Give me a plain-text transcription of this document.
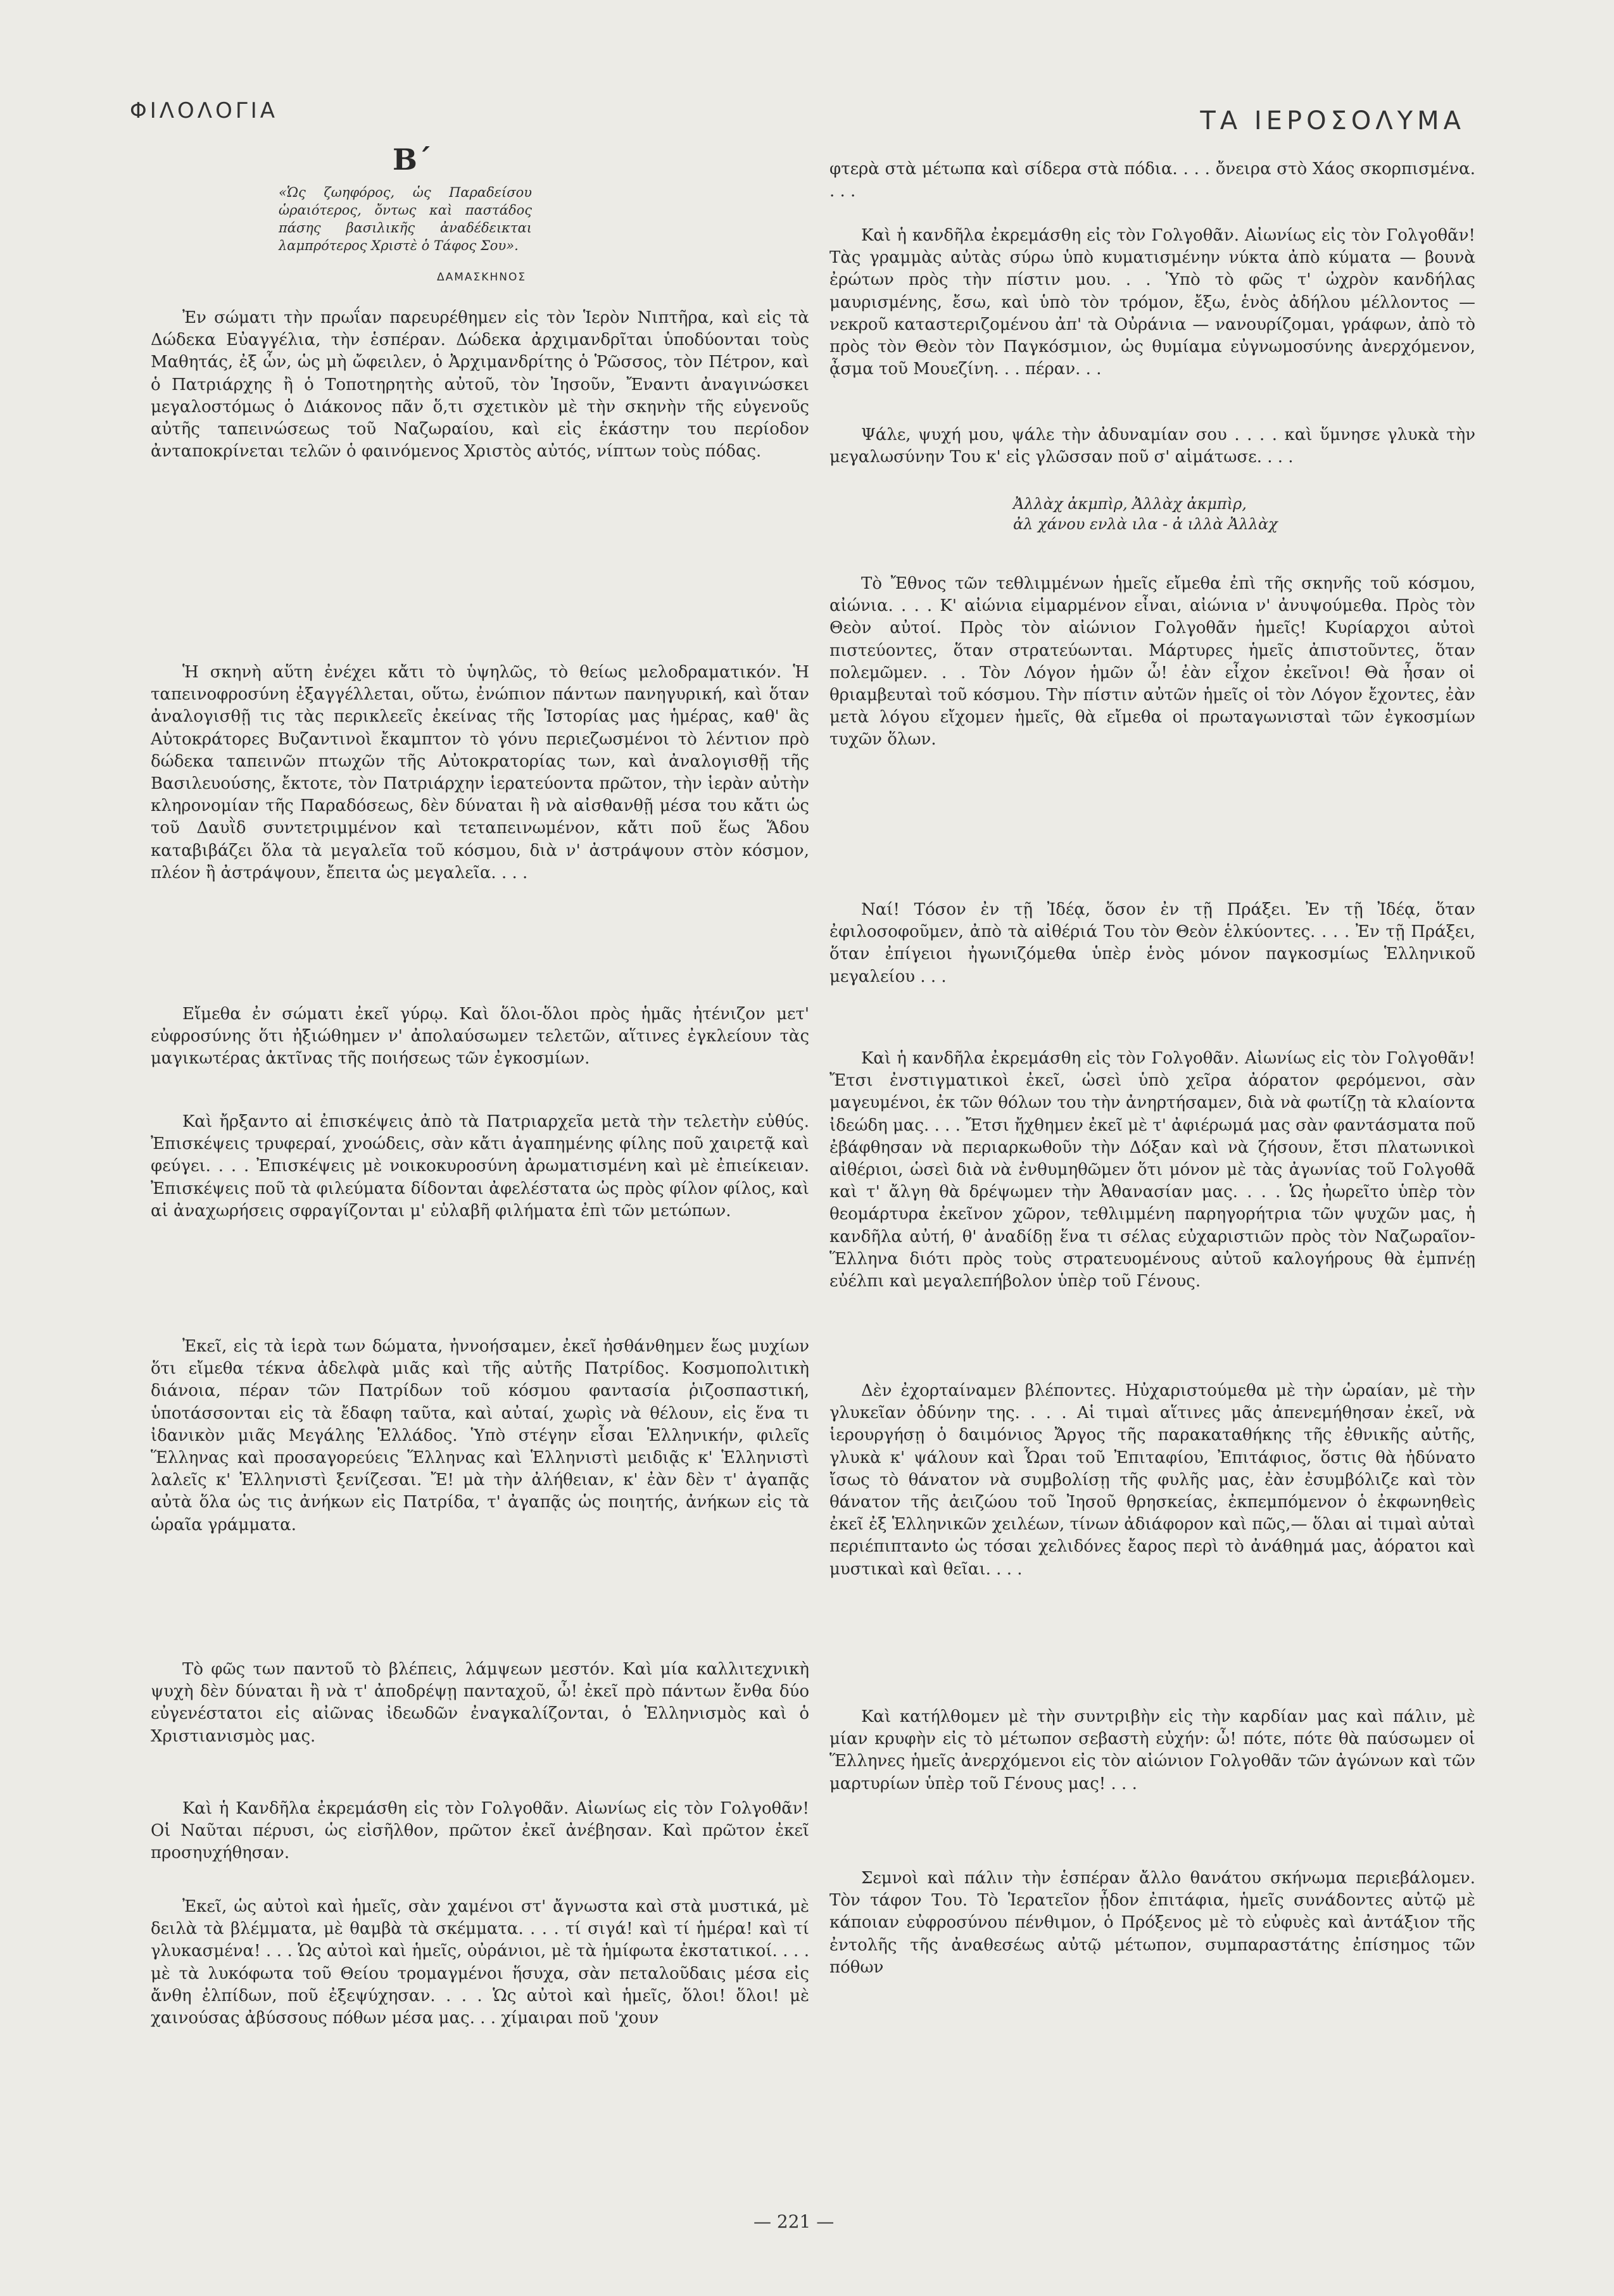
ΦΙΛΟΛΟΓΙΑ	ΤΑ ΙΕΡΟΣΟΛΥΜΑ
Β΄
«Ὡς ζωηφόρος, ὡς Παραδείσου ὡραιότερος, ὄντως καὶ παστάδος πάσης βασιλικῆς ἀναδέδεικται λαμπρότερος Χριστὲ ὁ Τάφος Σου».
ΔΑΜΑΣΚΗΝΟΣ

Ἐν σώματι τὴν πρωΐαν παρευρέθημεν εἰς τὸν Ἱερὸν Νιπτῆρα, καὶ εἰς τὰ Δώδεκα Εὐαγγέλια, τὴν ἑσπέραν. Δώδεκα ἀρχιμανδρῖται ὑποδύονται τοὺς Μαθητάς, ἐξ ὧν, ὡς μὴ ὤφειλεν, ὁ Ἀρχιμανδρίτης ὁ Ῥῶσσος, τὸν Πέτρον, καὶ ὁ Πατριάρχης ἢ ὁ Τοποτηρητὴς αὐτοῦ, τὸν Ἰησοῦν, Ἔναντι ἀναγινώσκει μεγαλοστόμως ὁ Διάκονος πᾶν ὅ,τι σχετικὸν μὲ τὴν σκηνὴν τῆς εὐγενοῦς αὐτῆς ταπεινώσεως τοῦ Ναζωραίου, καὶ εἰς ἑκάστην του περίοδον ἀνταποκρίνεται τελῶν ὁ φαινόμενος Χριστὸς αὐτός, νίπτων τοὺς πόδας.

Ἡ σκηνὴ αὕτη ἐνέχει κἄτι τὸ ὑψηλῶς, τὸ θείως μελοδραματικόν. Ἡ ταπεινοφροσύνη ἐξαγγέλλεται, οὕτω, ἐνώπιον πάντων πανηγυρική, καὶ ὅταν ἀναλογισθῇ τις τὰς περικλεεῖς ἐκείνας τῆς Ἱστορίας μας ἡμέρας, καθ' ἃς Αὐτοκράτορες Βυζαντινοὶ ἔκαμπτον τὸ γόνυ περιεζωσμένοι τὸ λέντιον πρὸ δώδεκα ταπεινῶν πτωχῶν τῆς Αὐτοκρατορίας των, καὶ ἀναλογισθῇ τῆς Βασιλευούσης, ἔκτοτε, τὸν Πατριάρχην ἱερατεύοντα πρῶτον, τὴν ἱερὰν αὐτὴν κληρονομίαν τῆς Παραδόσεως, δὲν δύναται ἢ νὰ αἰσθανθῇ μέσα του κἄτι ὡς τοῦ Δαυῒδ συντετριμμένον καὶ τεταπεινωμένον, κἄτι ποῦ ἕως Ἅδου καταβιβάζει ὅλα τὰ μεγαλεῖα τοῦ κόσμου, διὰ ν' ἀστράψουν στὸν κόσμον, πλέον ἢ ἀστράψουν, ἔπειτα ὡς μεγαλεῖα. . . .

Εἴμεθα ἐν σώματι ἐκεῖ γύρῳ. Καὶ ὅλοι-ὅλοι πρὸς ἡμᾶς ἠτένιζον μετ' εὐφροσύνης ὅτι ἠξιώθημεν ν' ἀπολαύσωμεν τελετῶν, αἵτινες ἐγκλείουν τὰς μαγικωτέρας ἀκτῖνας τῆς ποιήσεως τῶν ἐγκοσμίων.

Καὶ ἤρξαντο αἱ ἐπισκέψεις ἀπὸ τὰ Πατριαρχεῖα μετὰ τὴν τελετὴν εὐθύς. Ἐπισκέψεις τρυφεραί, χνοώδεις, σὰν κἄτι ἀγαπημένης φίλης ποῦ χαιρετᾷ καὶ φεύγει. . . . Ἐπισκέψεις μὲ νοικοκυροσύνη ἀρωματισμένη καὶ μὲ ἐπιείκειαν. Ἐπισκέψεις ποῦ τὰ φιλεύματα δίδονται ἀφελέστατα ὡς πρὸς φίλον φίλος, καὶ αἱ ἀναχωρήσεις σφραγίζονται μ' εὐλαβῆ φιλήματα ἐπὶ τῶν μετώπων.

Ἐκεῖ, εἰς τὰ ἱερὰ των δώματα, ἠννοήσαμεν, ἐκεῖ ἠσθάνθημεν ἕως μυχίων ὅτι εἴμεθα τέκνα ἀδελφὰ μιᾶς καὶ τῆς αὐτῆς Πατρίδος. Κοσμοπολιτικὴ διάνοια, πέραν τῶν Πατρίδων τοῦ κόσμου φαντασία ῥιζοσπαστική, ὑποτάσσονται εἰς τὰ ἔδαφη ταῦτα, καὶ αὐταί, χωρὶς νὰ θέλουν, εἰς ἕνα τι ἰδανικὸν μιᾶς Μεγάλης Ἑλλάδος. Ὑπὸ στέγην εἶσαι Ἑλληνικήν, φιλεῖς Ἕλληνας καὶ προσαγορεύεις Ἕλληνας καὶ Ἑλληνιστὶ μειδιᾷς κ' Ἑλληνιστὶ λαλεῖς κ' Ἑλληνιστὶ ξενίζεσαι. Ἔ! μὰ τὴν ἀλήθειαν, κ' ἐὰν δὲν τ' ἀγαπᾷς αὐτὰ ὅλα ὡς τις ἀνήκων εἰς Πατρίδα, τ' ἀγαπᾷς ὡς ποιητής, ἀνήκων εἰς τὰ ὡραῖα γράμματα.

Τὸ φῶς των παντοῦ τὸ βλέπεις, λάμψεων μεστόν. Καὶ μία καλλιτεχνικὴ ψυχὴ δὲν δύναται ἢ νὰ τ' ἀποδρέψῃ πανταχοῦ, ὦ! ἐκεῖ πρὸ πάντων ἔνθα δύο εὐγενέστατοι εἰς αἰῶνας ἰδεωδῶν ἐναγκαλίζονται, ὁ Ἑλληνισμὸς καὶ ὁ Χριστιανισμὸς μας.

Καὶ ἡ Κανδῆλα ἐκρεμάσθη εἰς τὸν Γολγοθᾶν. Αἰωνίως εἰς τὸν Γολγοθᾶν! Οἱ Ναῦται πέρυσι, ὡς εἰσῆλθον, πρῶτον ἐκεῖ ἀνέβησαν. Καὶ πρῶτον ἐκεῖ προσηυχήθησαν.

Ἐκεῖ, ὡς αὐτοὶ καὶ ἡμεῖς, σὰν χαμένοι στ' ἄγνωστα καὶ στὰ μυστικά, μὲ δειλὰ τὰ βλέμματα, μὲ θαμβὰ τὰ σκέμματα. . . . τί σιγά! καὶ τί ἡμέρα! καὶ τί γλυκασμένα! . . . Ὡς αὐτοὶ καὶ ἡμεῖς, οὐράνιοι, μὲ τὰ ἡμίφωτα ἐκστατικοί. . . . μὲ τὰ λυκόφωτα τοῦ Θείου τρομαγμένοι ἥσυχα, σὰν πεταλοῦδαις μέσα εἰς ἄνθη ἐλπίδων, ποῦ ἐξεψύχησαν. . . . Ὡς αὐτοὶ καὶ ἡμεῖς, ὅλοι! ὅλοι! μὲ χαινούσας ἀβύσσους πόθων μέσα μας. . . χίμαιραι ποῦ 'χουν

φτερὰ στὰ μέτωπα καὶ σίδερα στὰ πόδια. . . . ὄνειρα στὸ Χάος σκορπισμένα. . . .

Καὶ ἡ κανδῆλα ἐκρεμάσθη εἰς τὸν Γολγοθᾶν. Αἰωνίως εἰς τὸν Γολγοθᾶν! Τὰς γραμμὰς αὐτὰς σύρω ὑπὸ κυματισμένην νύκτα ἀπὸ κύματα — βουνὰ ἐρώτων πρὸς τὴν πίστιν μου. . . Ὑπὸ τὸ φῶς τ' ὠχρὸν κανδήλας μαυρισμένης, ἔσω, καὶ ὑπὸ τὸν τρόμον, ἔξω, ἑνὸς ἀδήλου μέλλοντος — νεκροῦ καταστεριζομένου ἀπ' τὰ Οὐράνια — νανουρίζομαι, γράφων, ἀπὸ τὸ πρὸς τὸν Θεὸν τὸν Παγκόσμιον, ὡς θυμίαμα εὐγνωμοσύνης ἀνερχόμενον, ᾆσμα τοῦ Μουεζίνη. . . πέραν. . .

Ψάλε, ψυχή μου, ψάλε τὴν ἀδυναμίαν σου . . . . καὶ ὕμνησε γλυκὰ τὴν μεγαλωσύνην Του κ' εἰς γλῶσσαν ποῦ σ' αἱμάτωσε. . . .

Ἀλλὰχ ἀκμπὶρ, Ἀλλὰχ ἀκμπὶρ,

ἀλ χάνου ενλὰ ιλα - ἀ ιλλὰ Ἀλλὰχ

Τὸ Ἔθνος τῶν τεθλιμμένων ἡμεῖς εἴμεθα ἐπὶ τῆς σκηνῆς τοῦ κόσμου, αἰώνια. . . . Κ' αἰώνια εἱμαρμένον εἶναι, αἰώνια ν' ἀνυψούμεθα. Πρὸς τὸν Θεὸν αὐτοί. Πρὸς τὸν αἰώνιον Γολγοθᾶν ἡμεῖς! Κυρίαρχοι αὐτοὶ πιστεύοντες, ὅταν στρατεύωνται. Μάρτυρες ἡμεῖς ἀπιστοῦντες, ὅταν πολεμῶμεν. . . Τὸν Λόγον ἡμῶν ὦ! ἐὰν εἶχον ἐκεῖνοι! Θὰ ἦσαν οἱ θριαμβευταὶ τοῦ κόσμου. Τὴν πίστιν αὐτῶν ἡμεῖς οἱ τὸν Λόγον ἔχοντες, ἐὰν μετὰ λόγου εἴχομεν ἡμεῖς, θὰ εἴμεθα οἱ πρωταγωνισταὶ τῶν ἐγκοσμίων τυχῶν ὅλων.

Ναί! Τόσον ἐν τῇ Ἰδέᾳ, ὅσον ἐν τῇ Πράξει. Ἐν τῇ Ἰδέᾳ, ὅταν ἐφιλοσοφοῦμεν, ἀπὸ τὰ αἰθέριά Του τὸν Θεὸν ἑλκύοντες. . . . Ἐν τῇ Πράξει, ὅταν ἐπίγειοι ἠγωνιζόμεθα ὑπὲρ ἑνὸς μόνον παγκοσμίως Ἑλληνικοῦ μεγαλείου . . .

Καὶ ἡ κανδῆλα ἐκρεμάσθη εἰς τὸν Γολγοθᾶν. Αἰωνίως εἰς τὸν Γολγοθᾶν! Ἔτσι ἐνστιγματικοὶ ἐκεῖ, ὡσεὶ ὑπὸ χεῖρα ἀόρατον φερόμενοι, σὰν μαγευμένοι, ἐκ τῶν θόλων του τὴν ἀνηρτήσαμεν, διὰ νὰ φωτίζῃ τὰ κλαίοντα ἰδεώδη μας. . . . Ἔτσι ἤχθημεν ἐκεῖ μὲ τ' ἀφιέρωμά μας σὰν φαντάσματα ποῦ ἐβάφθησαν νὰ περιαρκωθοῦν τὴν Δόξαν καὶ νὰ ζήσουν, ἔτσι πλατωνικοὶ αἰθέριοι, ὡσεὶ διὰ νὰ ἐνθυμηθῶμεν ὅτι μόνον μὲ τὰς ἀγωνίας τοῦ Γολγοθᾶ καὶ τ' ἄλγη θὰ δρέψωμεν τὴν Ἀθανασίαν μας. . . . Ὡς ἠωρεῖτο ὑπὲρ τὸν θεομάρτυρα ἐκεῖνον χῶρον, τεθλιμμένη παρηγορήτρια τῶν ψυχῶν μας, ἡ κανδῆλα αὐτή, θ' ἀναδίδῃ ἕνα τι σέλας εὐχαριστιῶν πρὸς τὸν Ναζωραῖον-Ἕλληνα διότι πρὸς τοὺς στρατευομένους αὐτοῦ καλογήρους θὰ ἐμπνέῃ εὐέλπι καὶ μεγαλεπήβολον ὑπὲρ τοῦ Γένους.

Δὲν ἐχορταίναμεν βλέποντες. Ηὐχαριστούμεθα μὲ τὴν ὡραίαν, μὲ τὴν γλυκεῖαν ὀδύνην της. . . . Αἱ τιμαὶ αἵτινες μᾶς ἀπενεμήθησαν ἐκεῖ, νὰ ἱερουργήσῃ ὁ δαιμόνιος Ἄργος τῆς παρακαταθήκης τῆς ἐθνικῆς αὐτῆς, γλυκὰ κ' ψάλουν καὶ Ὧραι τοῦ Ἐπιταφίου, Ἐπιτάφιος, ὅστις θὰ ἠδύνατο ἴσως τὸ θάνατον νὰ συμβολίσῃ τῆς φυλῆς μας, ἐὰν ἐσυμβόλιζε καὶ τὸν θάνατον τῆς ἀειζώου τοῦ Ἰησοῦ θρησκείας, ἐκπεμπόμενον ὁ ἐκφωνηθεὶς ἐκεῖ ἐξ Ἑλληνικῶν χειλέων, τίνων ἀδιάφορον καὶ πῶς,— ὅλαι αἱ τιμαὶ αὐταὶ περιέπιπτανto ὡς τόσαι χελιδόνες ἔαρος περὶ τὸ ἀνάθημά μας, ἀόρατοι καὶ μυστικαὶ καὶ θεῖαι. . . .

Καὶ κατήλθομεν μὲ τὴν συντριβὴν εἰς τὴν καρδίαν μας καὶ πάλιν, μὲ μίαν κρυφὴν εἰς τὸ μέτωπον σεβαστὴ εὐχήν: ὦ! πότε, πότε θὰ παύσωμεν οἱ Ἕλληνες ἡμεῖς ἀνερχόμενοι εἰς τὸν αἰώνιον Γολγοθᾶν τῶν ἀγώνων καὶ τῶν μαρτυρίων ὑπὲρ τοῦ Γένους μας! . . .

Σεμνοὶ καὶ πάλιν τὴν ἑσπέραν ἄλλο θανάτου σκήνωμα περιεβάλομεν. Τὸν τάφον Του. Τὸ Ἱερατεῖον ᾖδον ἐπιτάφια, ἡμεῖς συνάδοντες αὐτῷ μὲ κάποιαν εὐφροσύνου πένθιμον, ὁ Πρόξενος μὲ τὸ εὐφυὲς καὶ ἀντάξιον τῆς ἐντολῆς τῆς ἀναθεσέως αὐτῷ μέτωπον, συμπαραστάτης ἐπίσημος τῶν πόθων

— 221 —
